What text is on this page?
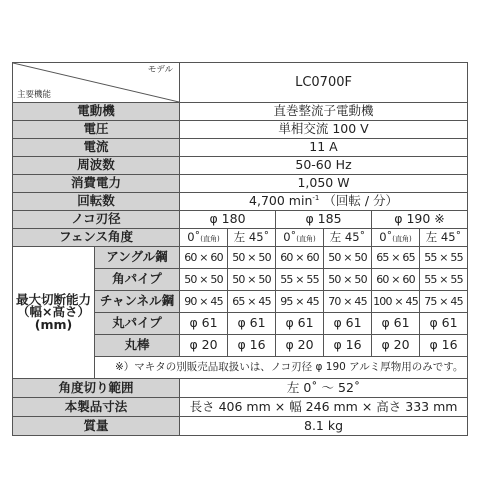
モデル
主要機能		LC0700F					
電動機		直巻整流子電動機					
電圧		単相交流 100 V					
電流		11 A					
周波数		50-60 Hz					
消費電力		1,050 W					
回転数		4,700 $\min^{-1}$ （回転 / 分）					
ノコ刃径		φ 180		φ 185		φ 190 ※	
フェンス角度		0˚(直角)	左 45˚	0˚(直角)	左 45˚	0˚(直角)	左 45˚

最大切断能力
（幅×高さ）
(mm)	アングル鋼	60 × 60	50 × 50	60 × 60	50 × 50	65 × 65	55 × 55
	角パイプ	50 × 50	50 × 50	55 × 55	50 × 50	60 × 60	55 × 55
	チャンネル鋼	90 × 45	65 × 45	95 × 45	70 × 45	100 × 45	75 × 45
	丸パイプ	φ 61	φ 61	φ 61	φ 61	φ 61	φ 61
	丸棒	φ 20	φ 16	φ 20	φ 16	φ 20	φ 16
	※）マキタの別販売品取扱いは、ノコ刃径 φ 190 アルミ厚物用のみです。						
角度切り範囲		左 0˚ ～ 52˚					
本製品寸法		長さ 406 mm × 幅 246 mm × 高さ 333 mm					
質量		8.1 kg					
